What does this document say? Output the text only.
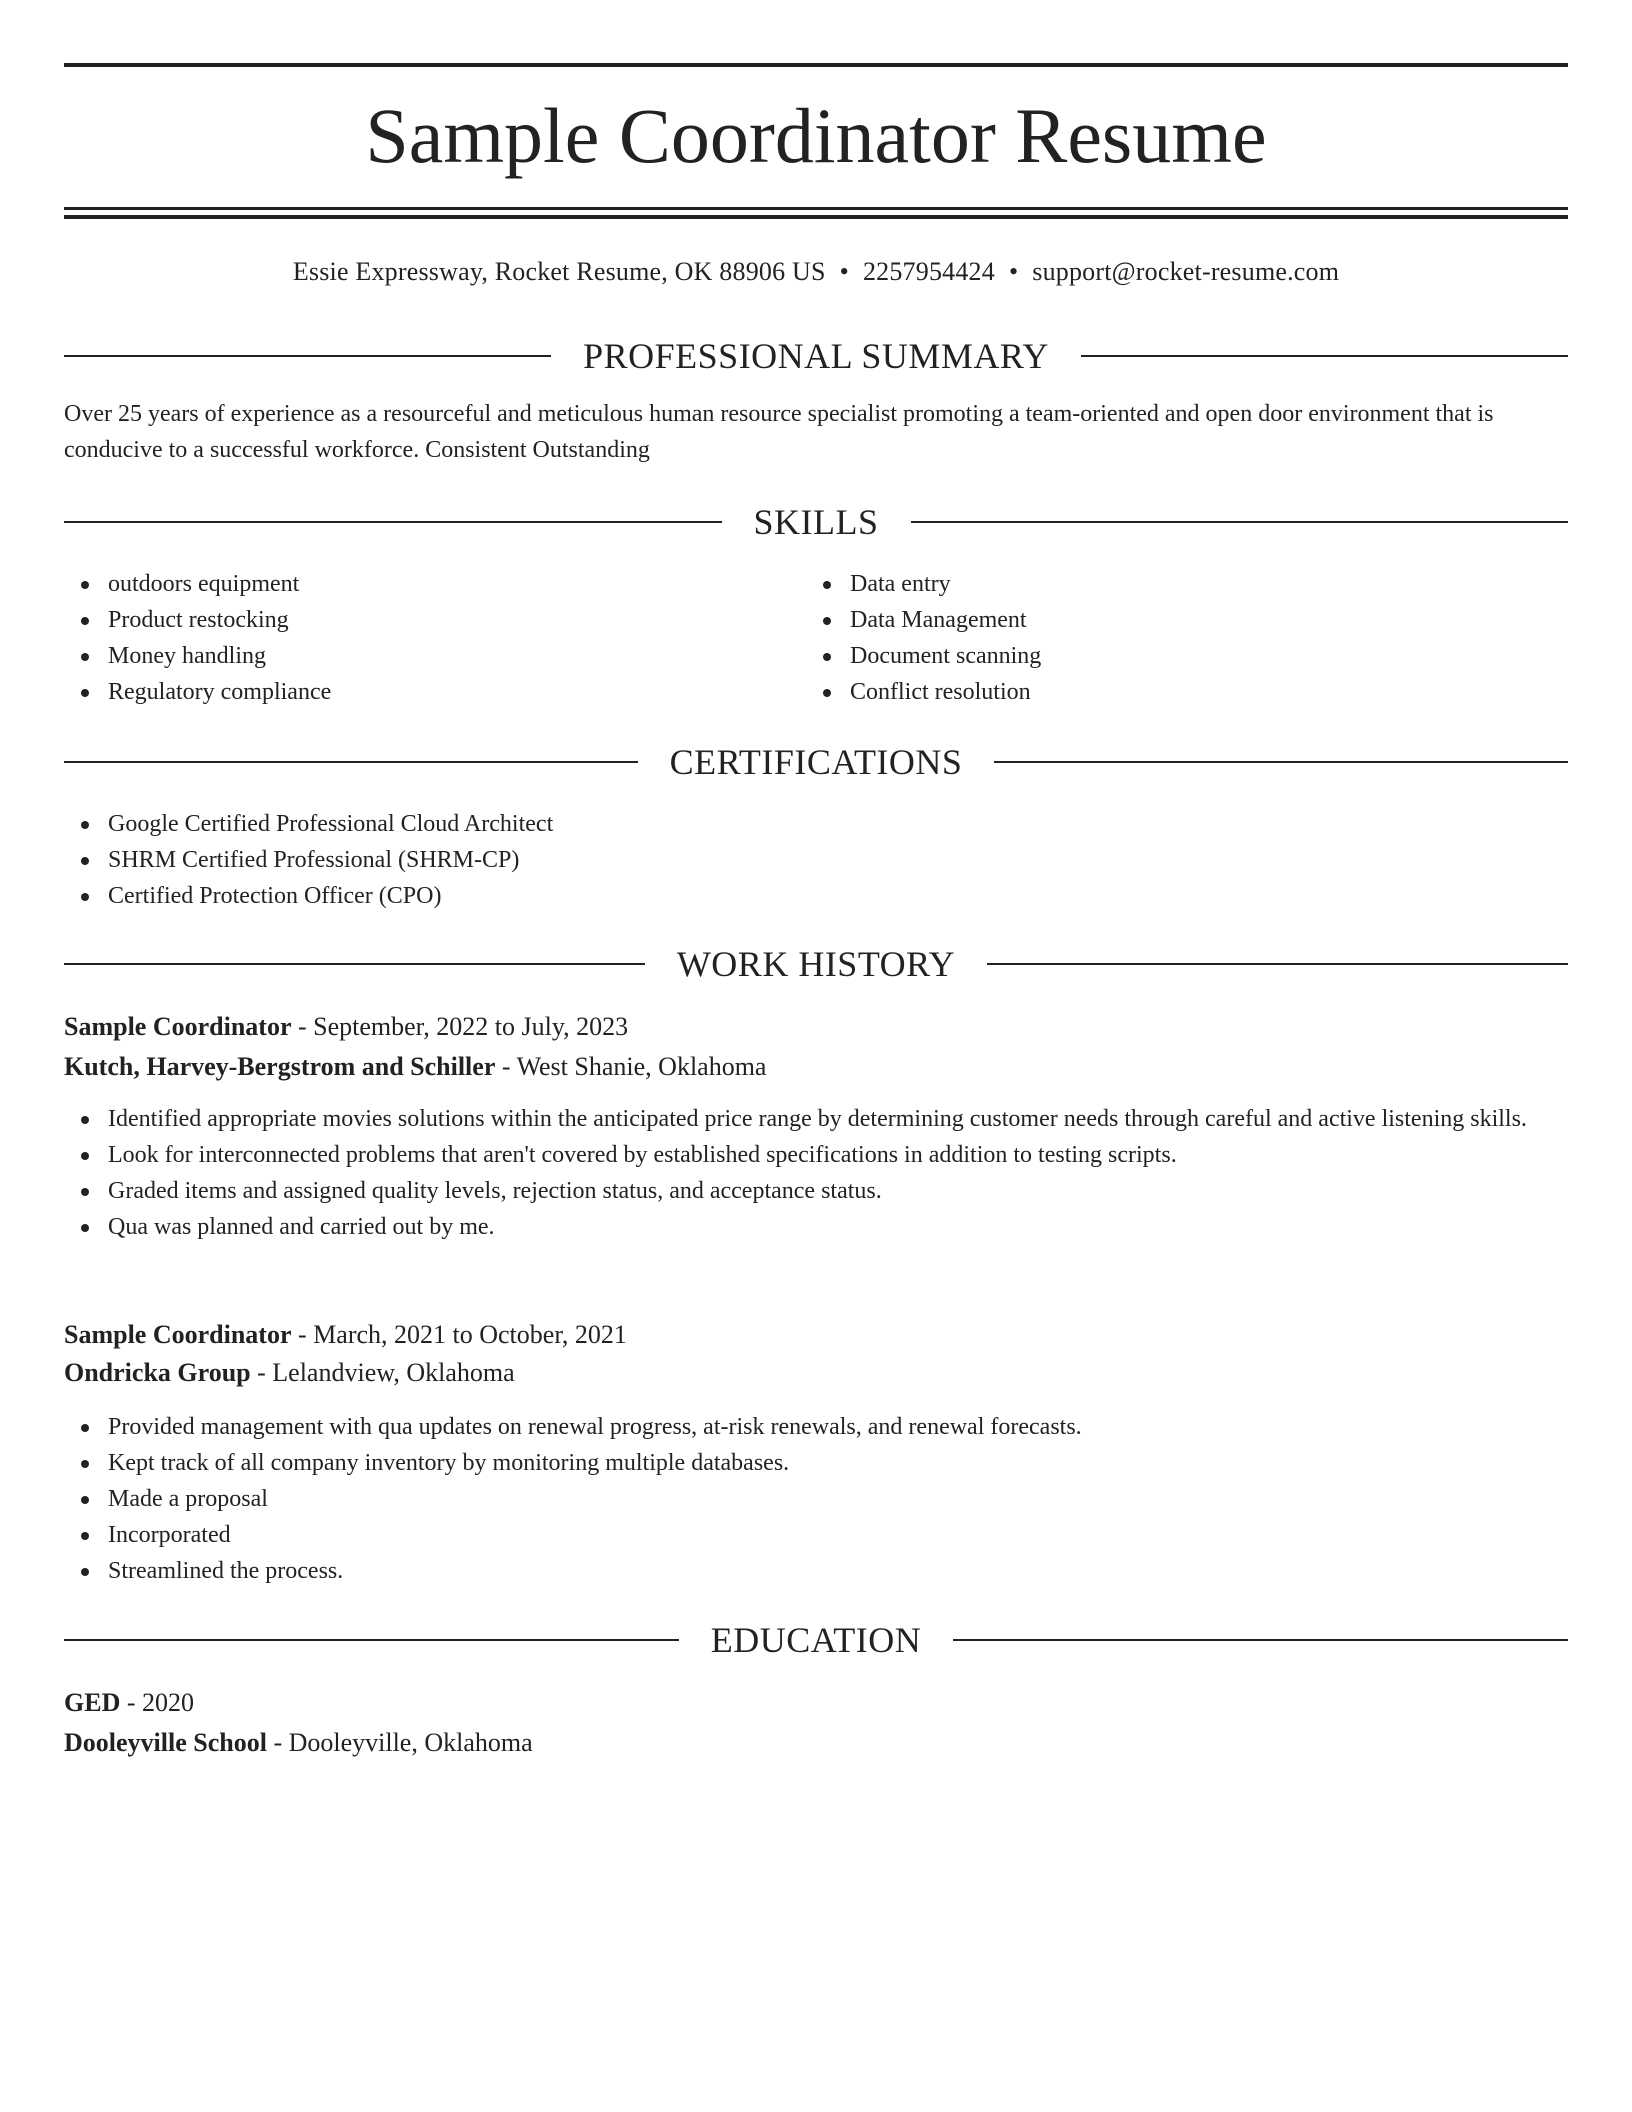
Sample Coordinator Resume
Essie Expressway, Rocket Resume, OK 88906 US • 2257954424 • support@rocket-resume.com
PROFESSIONAL SUMMARY

Over 25 years of experience as a resourceful and meticulous human resource specialist promoting a team-oriented and open door environment that is conducive to a successful workforce. Consistent Outstanding

SKILLS
outdoors equipment
Product restocking
Money handling
Regulatory compliance
Data entry
Data Management
Document scanning
Conflict resolution
CERTIFICATIONS
Google Certified Professional Cloud Architect
SHRM Certified Professional (SHRM-CP)
Certified Protection Officer (CPO)
WORK HISTORY
Sample Coordinator - September, 2022 to July, 2023
Kutch, Harvey-Bergstrom and Schiller - West Shanie, Oklahoma
Identified appropriate movies solutions within the anticipated price range by determining customer needs through careful and active listening skills.
Look for interconnected problems that aren't covered by established specifications in addition to testing scripts.
Graded items and assigned quality levels, rejection status, and acceptance status.
Qua was planned and carried out by me.
Sample Coordinator - March, 2021 to October, 2021
Ondricka Group - Lelandview, Oklahoma
Provided management with qua updates on renewal progress, at-risk renewals, and renewal forecasts.
Kept track of all company inventory by monitoring multiple databases.
Made a proposal
Incorporated
Streamlined the process.
EDUCATION
GED - 2020
Dooleyville School - Dooleyville, Oklahoma
